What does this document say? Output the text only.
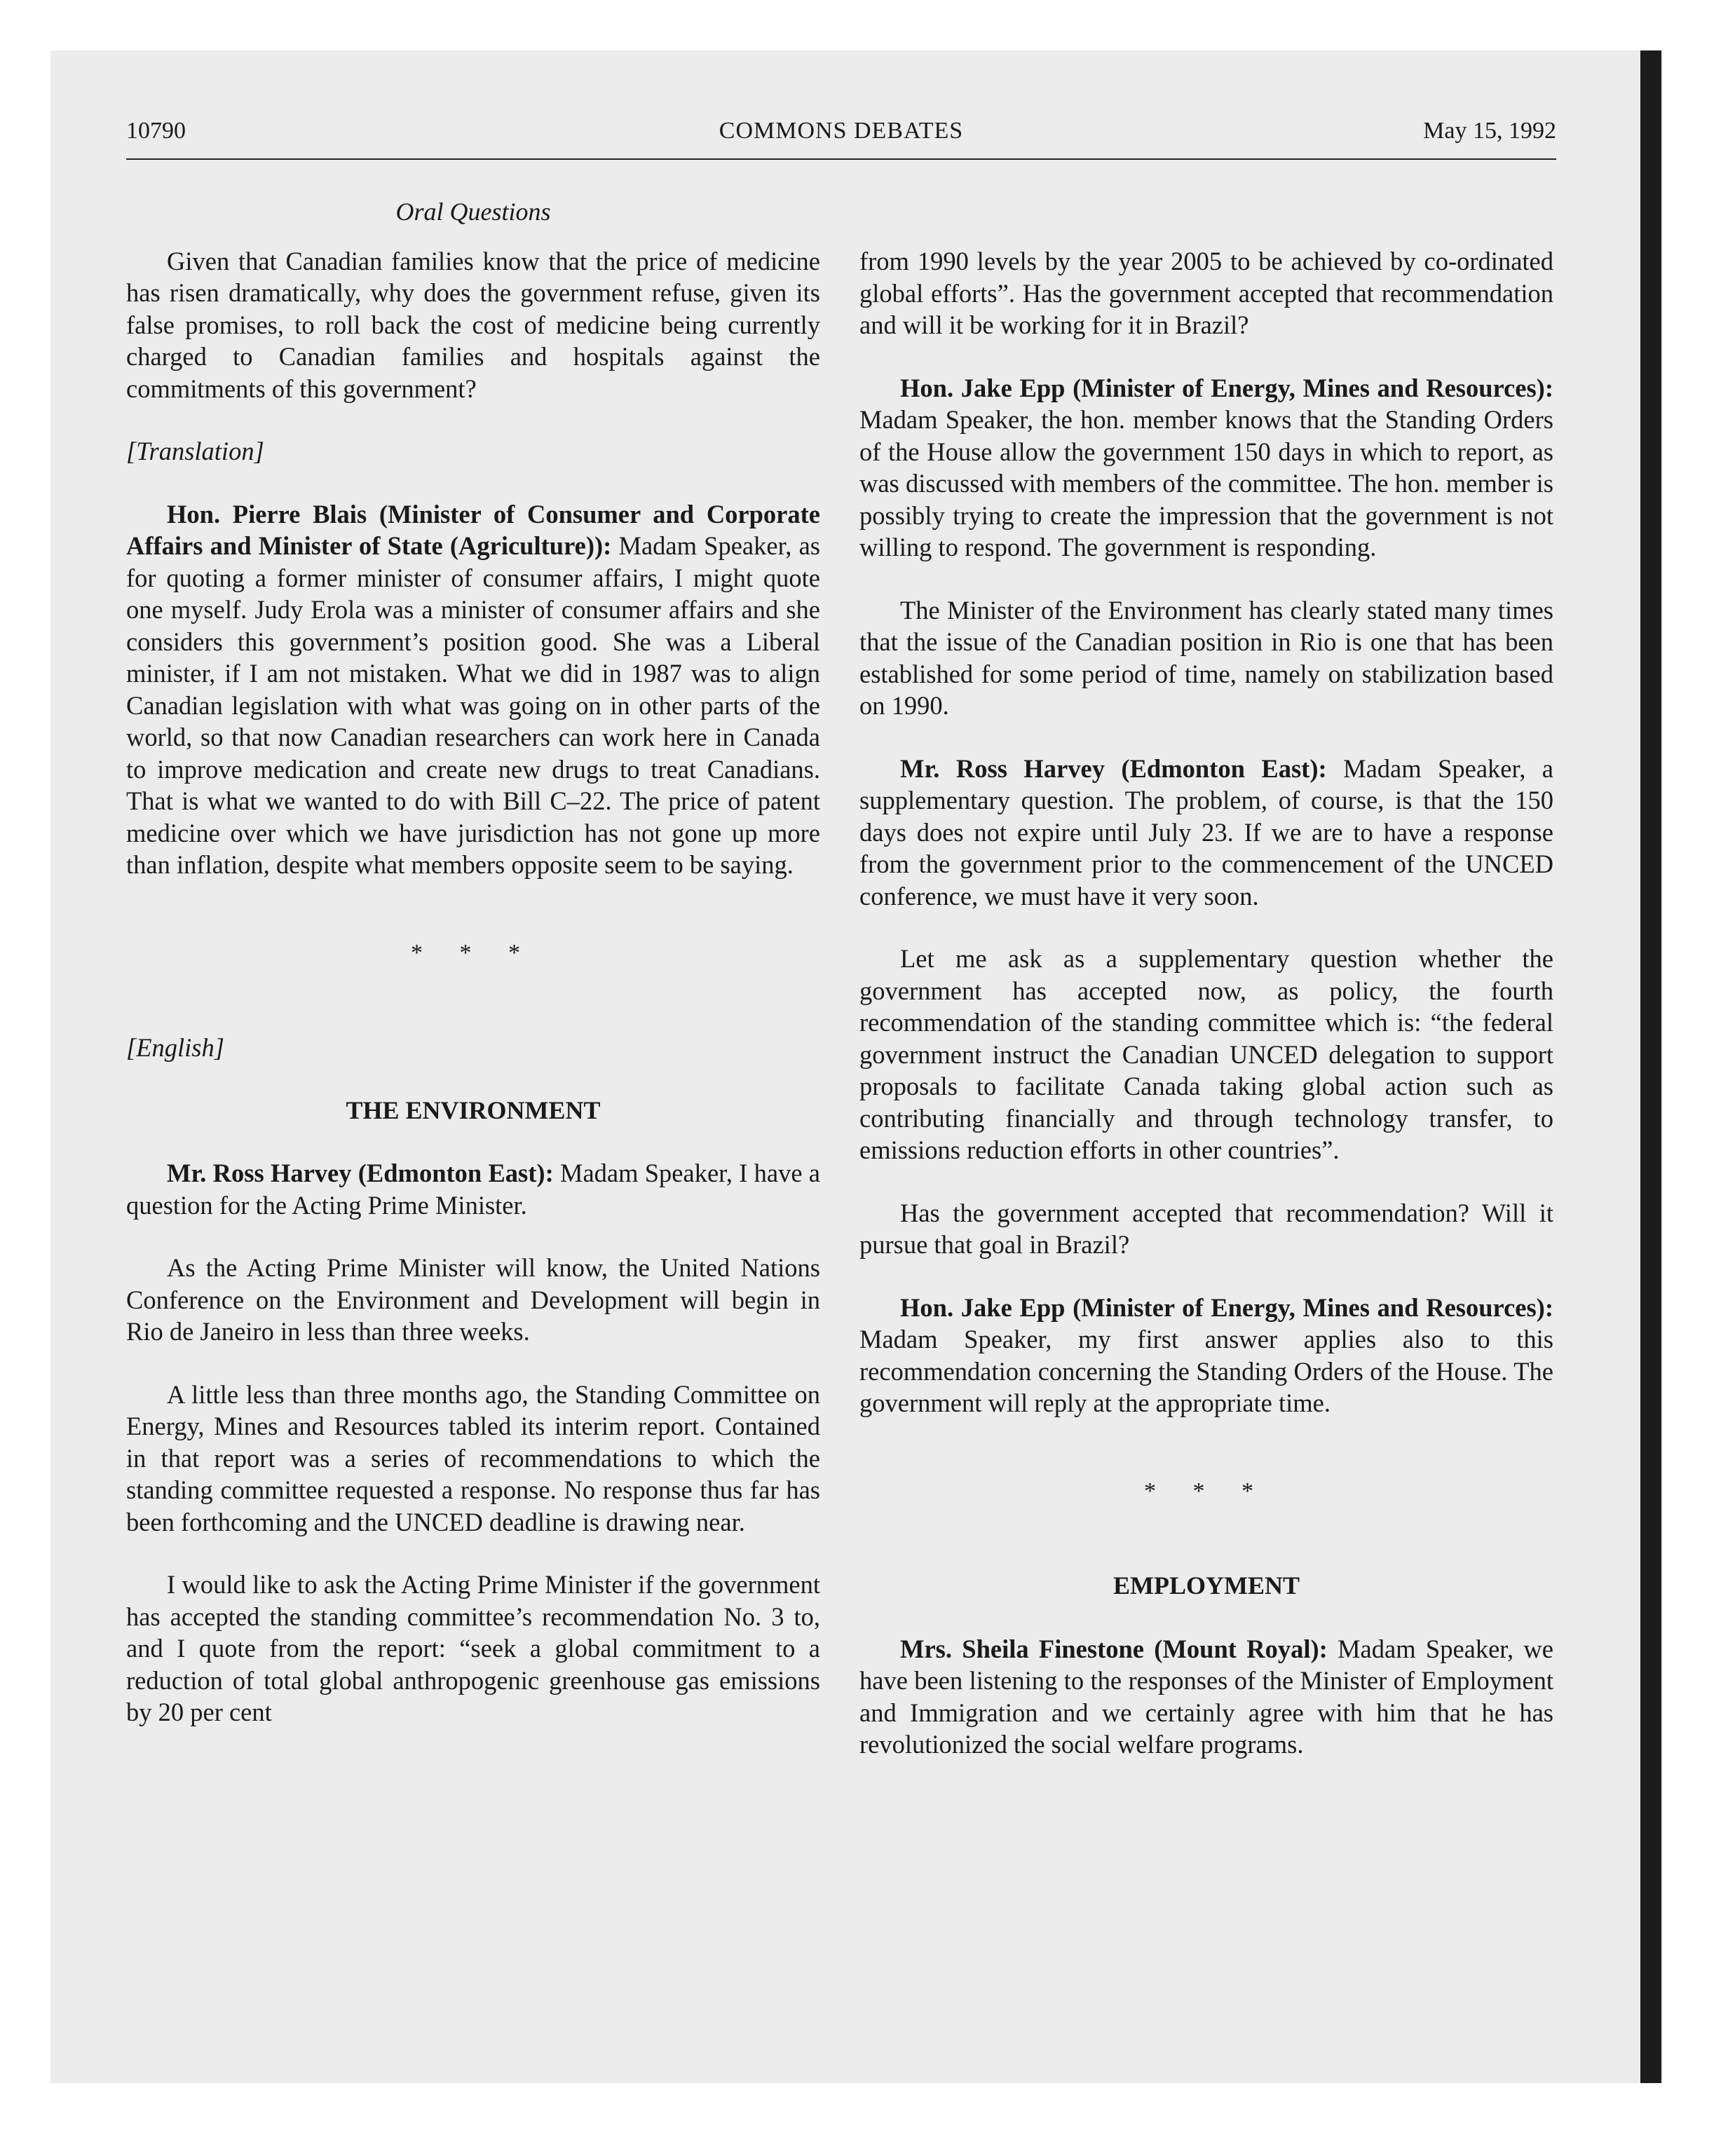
10790	COMMONS DEBATES	May 15, 1992
Oral Questions

Given that Canadian families know that the price of medicine has risen dramatically, why does the government refuse, given its false promises, to roll back the cost of medicine being currently charged to Canadian families and hospitals against the commitments of this government?

[Translation]

Hon. Pierre Blais (Minister of Consumer and Corporate Affairs and Minister of State (Agriculture)): Madam Speaker, as for quoting a former minister of consumer affairs, I might quote one myself. Judy Erola was a minister of consumer affairs and she considers this government’s position good. She was a Liberal minister, if I am not mistaken. What we did in 1987 was to align Canadian legislation with what was going on in other parts of the world, so that now Canadian researchers can work here in Canada to improve medication and create new drugs to treat Canadians. That is what we wanted to do with Bill C–22. The price of patent medicine over which we have jurisdiction has not gone up more than inflation, despite what members opposite seem to be saying.

* * *
[English]
THE ENVIRONMENT

Mr. Ross Harvey (Edmonton East): Madam Speaker, I have a question for the Acting Prime Minister.

As the Acting Prime Minister will know, the United Nations Conference on the Environment and Development will begin in Rio de Janeiro in less than three weeks.

A little less than three months ago, the Standing Committee on Energy, Mines and Resources tabled its interim report. Contained in that report was a series of recommendations to which the standing committee requested a response. No response thus far has been forthcoming and the UNCED deadline is drawing near.

I would like to ask the Acting Prime Minister if the government has accepted the standing committee’s recommendation No. 3 to, and I quote from the report: “seek a global commitment to a reduction of total global anthropogenic greenhouse gas emissions by 20 per cent

from 1990 levels by the year 2005 to be achieved by co-ordinated global efforts”. Has the government accepted that recommendation and will it be working for it in Brazil?

Hon. Jake Epp (Minister of Energy, Mines and Resources): Madam Speaker, the hon. member knows that the Standing Orders of the House allow the government 150 days in which to report, as was discussed with members of the committee. The hon. member is possibly trying to create the impression that the government is not willing to respond. The government is responding.

The Minister of the Environment has clearly stated many times that the issue of the Canadian position in Rio is one that has been established for some period of time, namely on stabilization based on 1990.

Mr. Ross Harvey (Edmonton East): Madam Speaker, a supplementary question. The problem, of course, is that the 150 days does not expire until July 23. If we are to have a response from the government prior to the commencement of the UNCED conference, we must have it very soon.

Let me ask as a supplementary question whether the government has accepted now, as policy, the fourth recommendation of the standing committee which is: “the federal government instruct the Canadian UNCED delegation to support proposals to facilitate Canada taking global action such as contributing financially and through technology transfer, to emissions reduction efforts in other countries”.

Has the government accepted that recommendation? Will it pursue that goal in Brazil?

Hon. Jake Epp (Minister of Energy, Mines and Resources): Madam Speaker, my first answer applies also to this recommendation concerning the Standing Orders of the House. The government will reply at the appropriate time.

* * *
EMPLOYMENT

Mrs. Sheila Finestone (Mount Royal): Madam Speaker, we have been listening to the responses of the Minister of Employment and Immigration and we certainly agree with him that he has revolutionized the social welfare programs.
